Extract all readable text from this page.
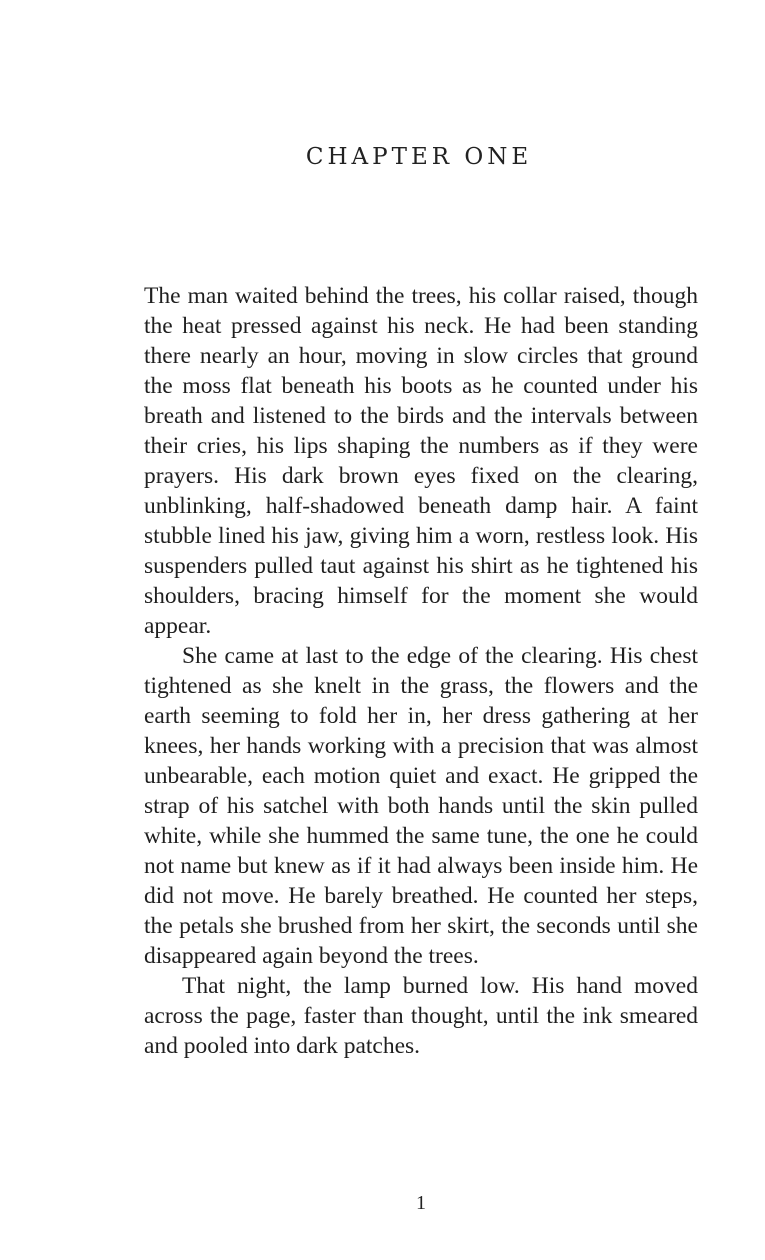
CHAPTER ONE

The man waited behind the trees, his collar raised, though the heat pressed against his neck. He had been standing there nearly an hour, moving in slow circles that ground the moss flat beneath his boots as he counted under his breath and listened to the birds and the intervals between their cries, his lips shaping the numbers as if they were prayers. His dark brown eyes fixed on the clearing, unblinking, half-shadowed beneath damp hair. A faint stubble lined his jaw, giving him a worn, restless look. His suspenders pulled taut against his shirt as he tightened his shoulders, bracing himself for the moment she would appear.

She came at last to the edge of the clearing. His chest tightened as she knelt in the grass, the flowers and the earth seeming to fold her in, her dress gathering at her knees, her hands working with a precision that was almost unbearable, each motion quiet and exact. He gripped the strap of his satchel with both hands until the skin pulled white, while she hummed the same tune, the one he could not name but knew as if it had always been inside him. He did not move. He barely breathed. He counted her steps, the petals she brushed from her skirt, the seconds until she disappeared again beyond the trees.

That night, the lamp burned low. His hand moved across the page, faster than thought, until the ink smeared and pooled into dark patches.

1
